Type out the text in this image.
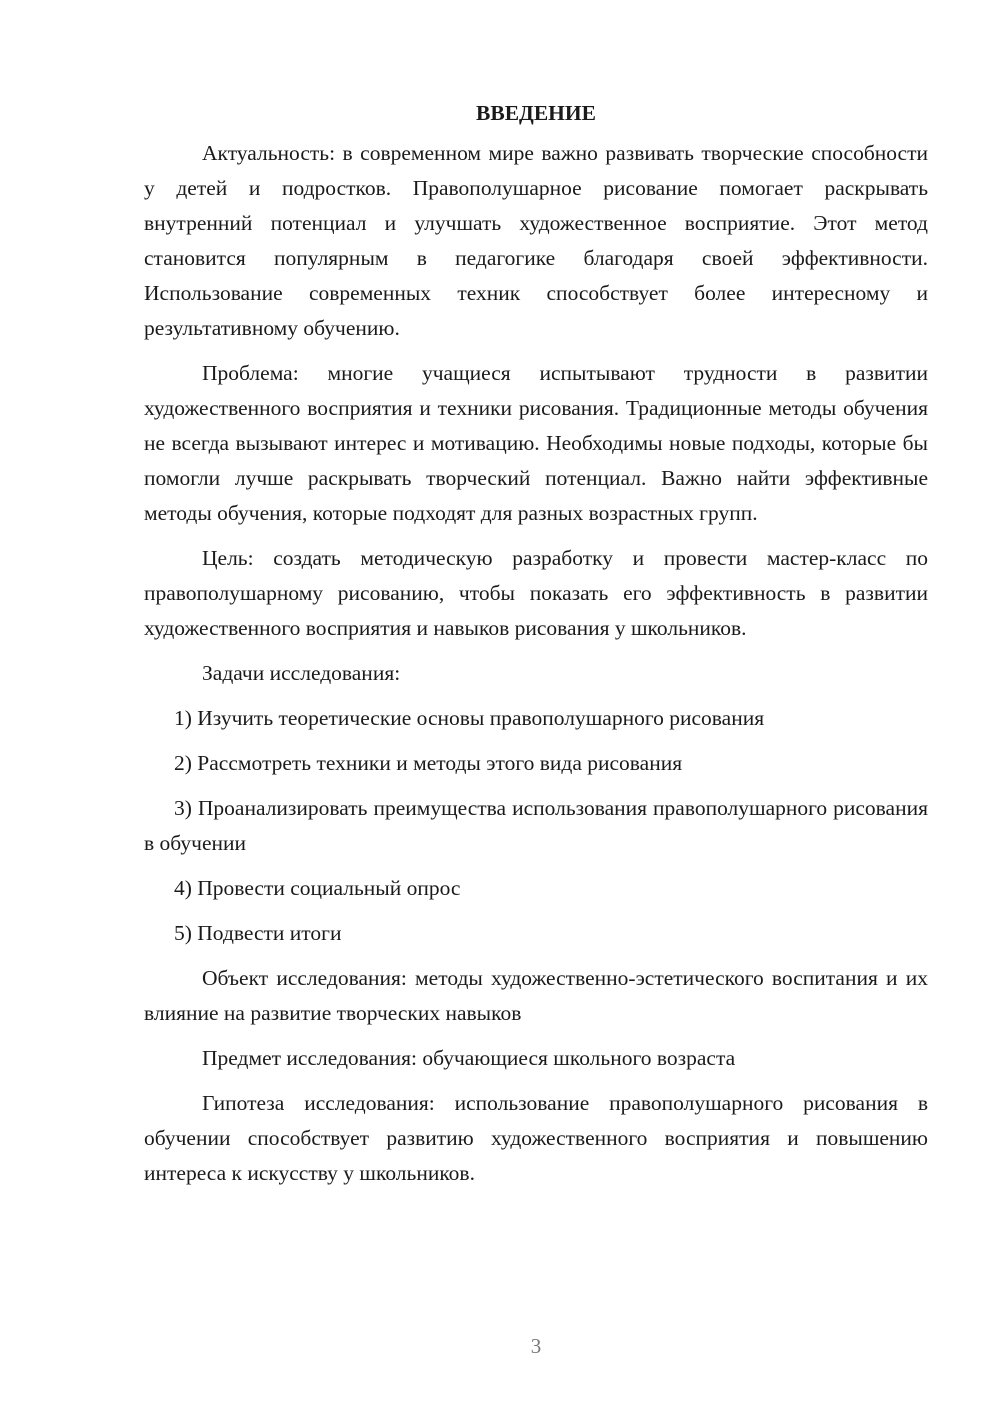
ВВЕДЕНИЕ

Актуальность: в современном мире важно развивать творческие способности у детей и подростков. Правополушарное рисование помогает раскрывать внутренний потенциал и улучшать художественное восприятие. Этот метод становится популярным в педагогике благодаря своей эффективности. Использование современных техник способствует более интересному и результативному обучению.

Проблема: многие учащиеся испытывают трудности в развитии художественного восприятия и техники рисования. Традиционные методы обучения не всегда вызывают интерес и мотивацию. Необходимы новые подходы, которые бы помогли лучше раскрывать творческий потенциал. Важно найти эффективные методы обучения, которые подходят для разных возрастных групп.

Цель: создать методическую разработку и провести мастер-класс по правополушарному рисованию, чтобы показать его эффективность в развитии художественного восприятия и навыков рисования у школьников.

Задачи исследования:

1) Изучить теоретические основы правополушарного рисования

2) Рассмотреть техники и методы этого вида рисования

3) Проанализировать преимущества использования правополушарного рисования в обучении

4) Провести социальный опрос

5) Подвести итоги

Объект исследования: методы художественно-эстетического воспитания и их влияние на развитие творческих навыков

Предмет исследования: обучающиеся школьного возраста

Гипотеза исследования: использование правополушарного рисования в обучении способствует развитию художественного восприятия и повышению интереса к искусству у школьников.

3
